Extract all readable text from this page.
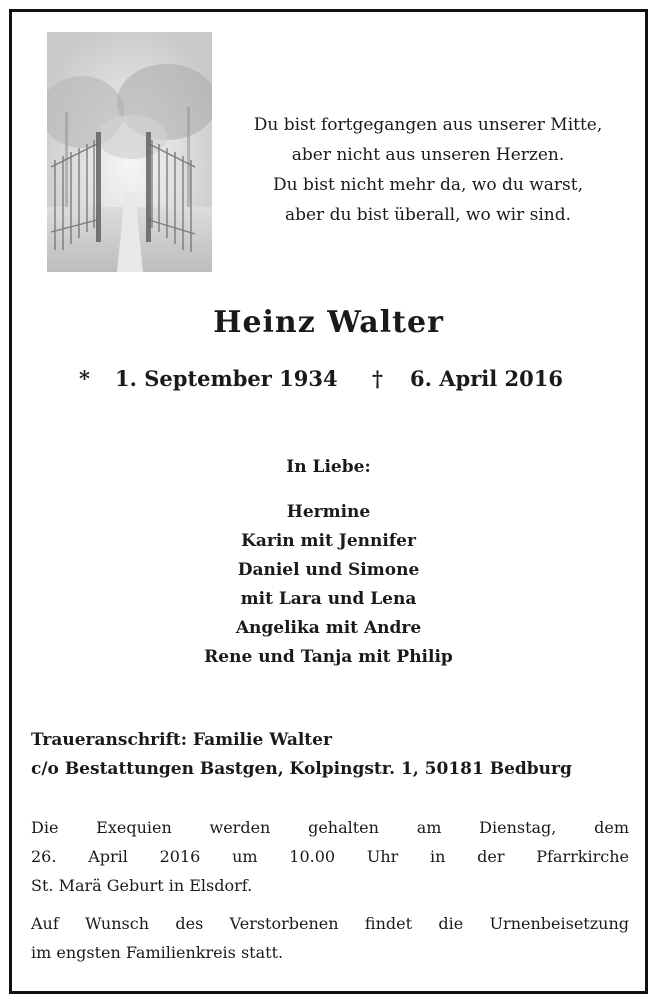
Du bist fortgegangen aus unserer Mitte,
aber nicht aus unseren Herzen.
Du bist nicht mehr da, wo du warst,
aber du bist überall, wo wir sind.
Heinz Walter
* 1. September 1934 † 6. April 2016
In Liebe:
Hermine
Karin mit Jennifer
Daniel und Simone
mit Lara und Lena
Angelika mit Andre
Rene und Tanja mit Philip
Traueranschrift: Familie Walter
c/o Bestattungen Bastgen, Kolpingstr. 1, 50181 Bedburg
Die Exequien werden gehalten am Dienstag, dem
26. April 2016 um 10.00 Uhr in der Pfarrkirche
St. Marä Geburt in Elsdorf.
Auf Wunsch des Verstorbenen findet die Urnenbeisetzung
im engsten Familienkreis statt.
